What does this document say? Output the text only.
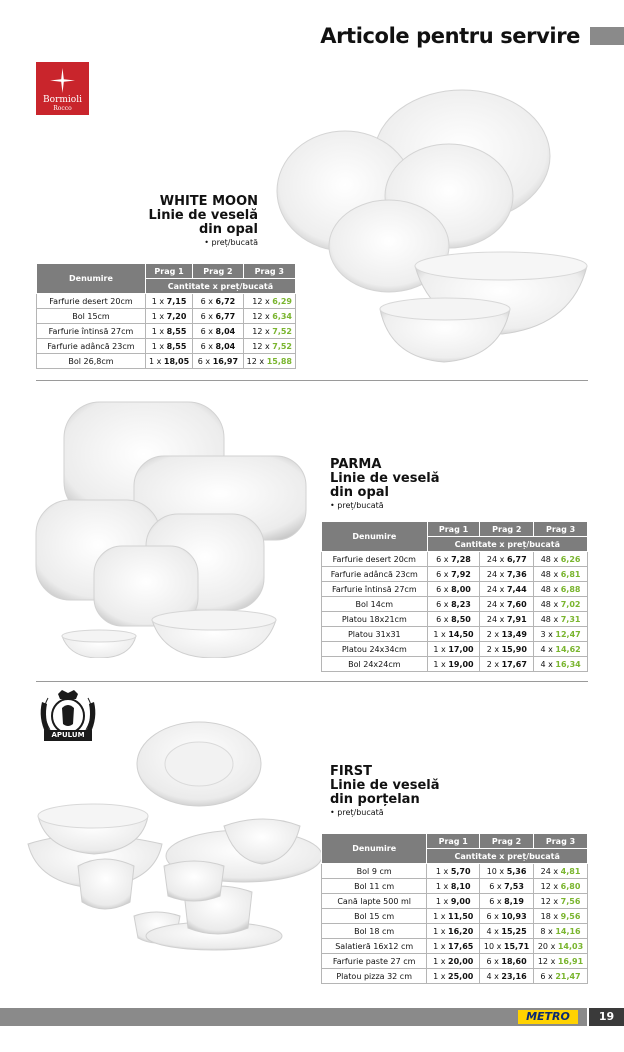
Articole pentru servire
Bormioli
Rocco
WHITE MOON
Linie de veselă
din opal
• preț/bucată
Denumire	Prag 1	Prag 2	Prag 3
	Cantitate x preț/bucată		
Farfurie desert 20cm	1 x 7,15	6 x 6,72	12 x 6,29
Bol 15cm	1 x 7,20	6 x 6,77	12 x 6,34
Farfurie întinsă 27cm	1 x 8,55	6 x 8,04	12 x 7,52
Farfurie adâncă 23cm	1 x 8,55	6 x 8,04	12 x 7,52
Bol 26,8cm	1 x 18,05	6 x 16,97	12 x 15,88
PARMA
Linie de veselă
din opal
• preț/bucată
Denumire	Prag 1	Prag 2	Prag 3
	Cantitate x preț/bucată		
Farfurie desert 20cm	6 x 7,28	24 x 6,77	48 x 6,26
Farfurie adâncă 23cm	6 x 7,92	24 x 7,36	48 x 6,81
Farfurie întinsă 27cm	6 x 8,00	24 x 7,44	48 x 6,88
Bol 14cm	6 x 8,23	24 x 7,60	48 x 7,02
Platou 18x21cm	6 x 8,50	24 x 7,91	48 x 7,31
Platou 31x31	1 x 14,50	2 x 13,49	3 x 12,47
Platou 24x34cm	1 x 17,00	2 x 15,90	4 x 14,62
Bol 24x24cm	1 x 19,00	2 x 17,67	4 x 16,34
APULUM
FIRST
Linie de veselă
din porțelan
• preț/bucată
Denumire	Prag 1	Prag 2	Prag 3
	Cantitate x preț/bucată		
Bol 9 cm	1 x 5,70	10 x 5,36	24 x 4,81
Bol 11 cm	1 x 8,10	6 x 7,53	12 x 6,80
Cană lapte 500 ml	1 x 9,00	6 x 8,19	12 x 7,56
Bol 15 cm	1 x 11,50	6 x 10,93	18 x 9,56
Bol 18 cm	1 x 16,20	4 x 15,25	8 x 14,16
Salatieră 16x12 cm	1 x 17,65	10 x 15,71	20 x 14,03
Farfurie paste 27 cm	1 x 20,00	6 x 18,60	12 x 16,91
Platou pizza 32 cm	1 x 25,00	4 x 23,16	6 x 21,47
METRO	19
